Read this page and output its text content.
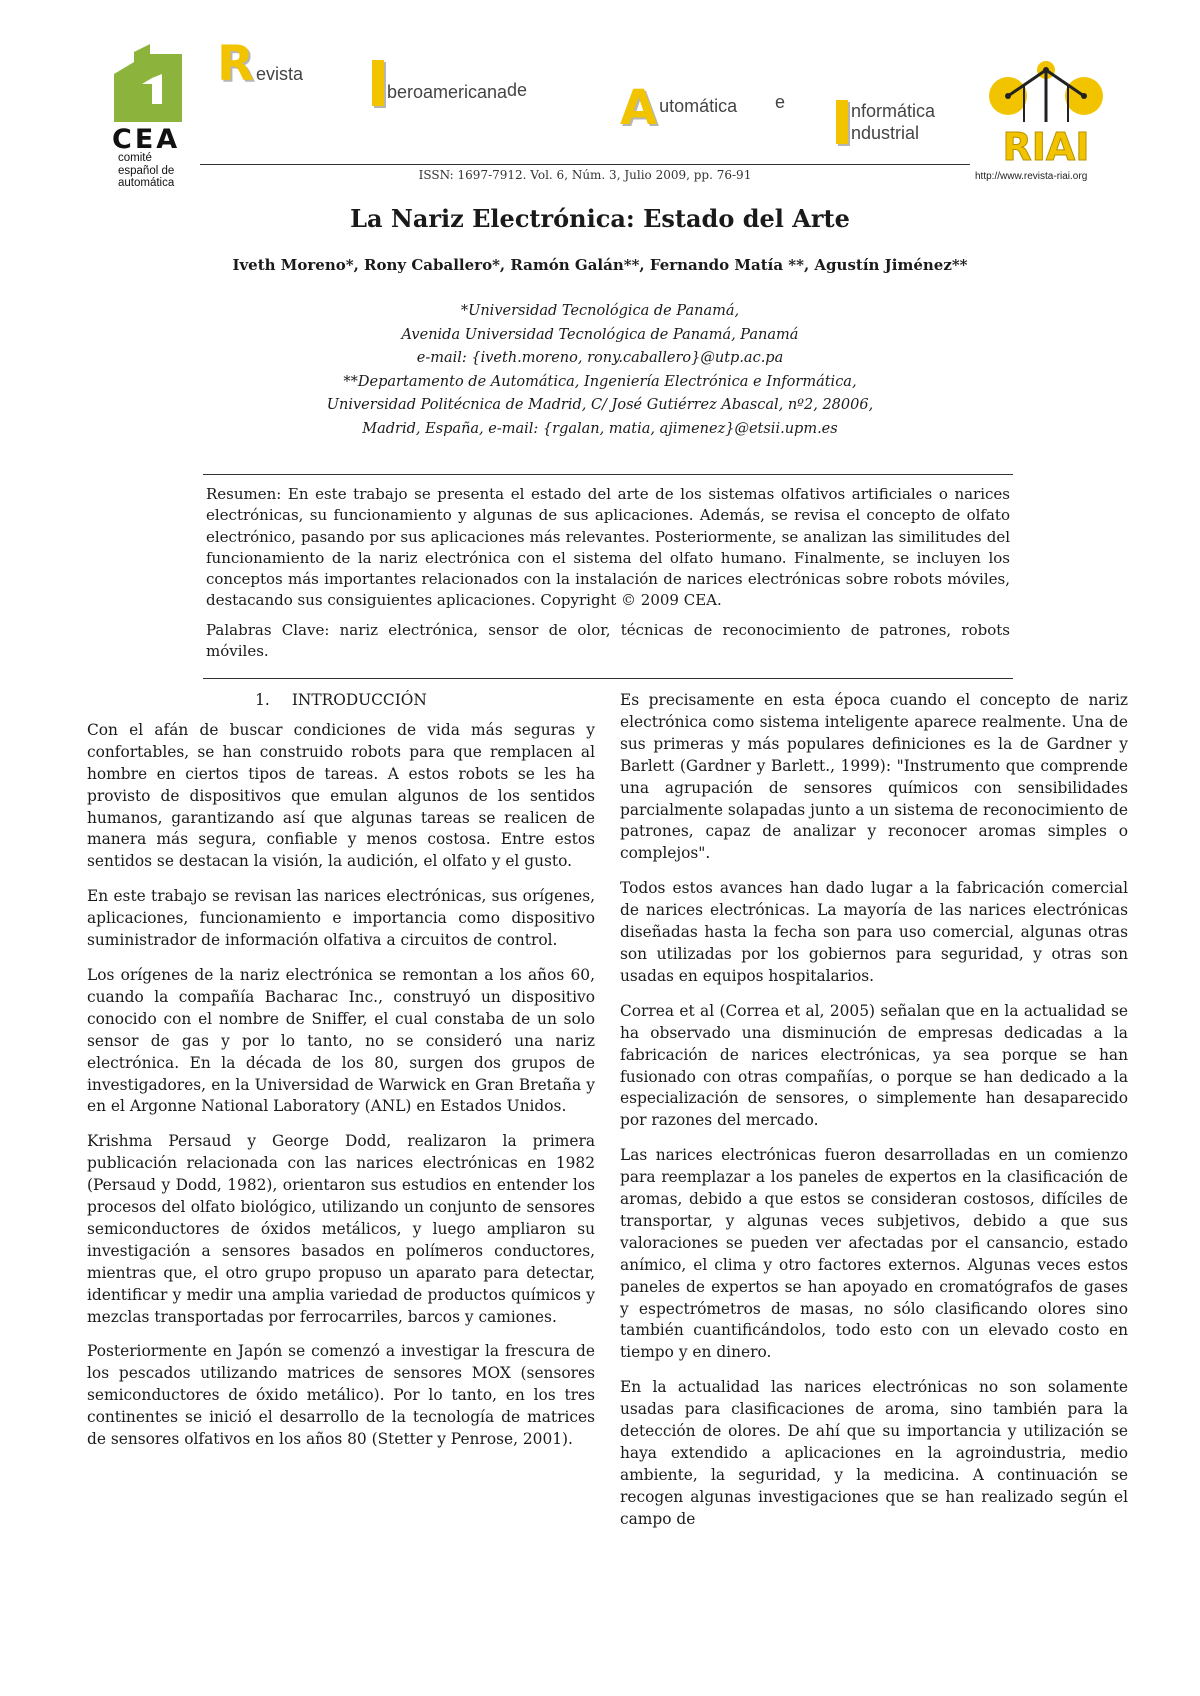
CEA
comité
español de
automática
R evista
beroamericana de A utomática e	nformática
ndustrial
ISSN: 1697-7912. Vol. 6, Núm. 3, Julio 2009, pp. 76-91
RIAI
http://www.revista-riai.org
La Nariz Electrónica: Estado del Arte
Iveth Moreno*, Rony Caballero*, Ramón Galán**, Fernando Matía **, Agustín Jiménez**
*Universidad Tecnológica de Panamá,
Avenida Universidad Tecnológica de Panamá, Panamá
e-mail: {iveth.moreno, rony.caballero}@utp.ac.pa
**Departamento de Automática, Ingeniería Electrónica e Informática,
Universidad Politécnica de Madrid, C/ José Gutiérrez Abascal, nº2, 28006,
Madrid, España, e-mail: {rgalan, matia, ajimenez}@etsii.upm.es

Resumen: En este trabajo se presenta el estado del arte de los sistemas olfativos artificiales o narices electrónicas, su funcionamiento y algunas de sus aplicaciones. Además, se revisa el concepto de olfato electrónico, pasando por sus aplicaciones más relevantes. Posteriormente, se analizan las similitudes del funcionamiento de la nariz electrónica con el sistema del olfato humano. Finalmente, se incluyen los conceptos más importantes relacionados con la instalación de narices electrónicas sobre robots móviles, destacando sus consiguientes aplicaciones. Copyright © 2009 CEA.

Palabras Clave: nariz electrónica, sensor de olor, técnicas de reconocimiento de patrones, robots móviles.

1. INTRODUCCIÓN

Con el afán de buscar condiciones de vida más seguras y confortables, se han construido robots para que remplacen al hombre en ciertos tipos de tareas. A estos robots se les ha provisto de dispositivos que emulan algunos de los sentidos humanos, garantizando así que algunas tareas se realicen de manera más segura, confiable y menos costosa. Entre estos sentidos se destacan la visión, la audición, el olfato y el gusto.

En este trabajo se revisan las narices electrónicas, sus orígenes, aplicaciones, funcionamiento e importancia como dispositivo suministrador de información olfativa a circuitos de control.

Los orígenes de la nariz electrónica se remontan a los años 60, cuando la compañía Bacharac Inc., construyó un dispositivo conocido con el nombre de Sniffer, el cual constaba de un solo sensor de gas y por lo tanto, no se consideró una nariz electrónica. En la década de los 80, surgen dos grupos de investigadores, en la Universidad de Warwick en Gran Bretaña y en el Argonne National Laboratory (ANL) en Estados Unidos.

Krishma Persaud y George Dodd, realizaron la primera publicación relacionada con las narices electrónicas en 1982 (Persaud y Dodd, 1982), orientaron sus estudios en entender los procesos del olfato biológico, utilizando un conjunto de sensores semiconductores de óxidos metálicos, y luego ampliaron su investigación a sensores basados en polímeros conductores, mientras que, el otro grupo propuso un aparato para detectar, identificar y medir una amplia variedad de productos químicos y mezclas transportadas por ferrocarriles, barcos y camiones.

Posteriormente en Japón se comenzó a investigar la frescura de los pescados utilizando matrices de sensores MOX (sensores semiconductores de óxido metálico). Por lo tanto, en los tres continentes se inició el desarrollo de la tecnología de matrices de sensores olfativos en los años 80 (Stetter y Penrose, 2001).

Es precisamente en esta época cuando el concepto de nariz electrónica como sistema inteligente aparece realmente. Una de sus primeras y más populares definiciones es la de Gardner y Barlett (Gardner y Barlett., 1999): "Instrumento que comprende una agrupación de sensores químicos con sensibilidades parcialmente solapadas junto a un sistema de reconocimiento de patrones, capaz de analizar y reconocer aromas simples o complejos".

Todos estos avances han dado lugar a la fabricación comercial de narices electrónicas. La mayoría de las narices electrónicas diseñadas hasta la fecha son para uso comercial, algunas otras son utilizadas por los gobiernos para seguridad, y otras son usadas en equipos hospitalarios.

Correa et al (Correa et al, 2005) señalan que en la actualidad se ha observado una disminución de empresas dedicadas a la fabricación de narices electrónicas, ya sea porque se han fusionado con otras compañías, o porque se han dedicado a la especialización de sensores, o simplemente han desaparecido por razones del mercado.

Las narices electrónicas fueron desarrolladas en un comienzo para reemplazar a los paneles de expertos en la clasificación de aromas, debido a que estos se consideran costosos, difíciles de transportar, y algunas veces subjetivos, debido a que sus valoraciones se pueden ver afectadas por el cansancio, estado anímico, el clima y otro factores externos. Algunas veces estos paneles de expertos se han apoyado en cromatógrafos de gases y espectrómetros de masas, no sólo clasificando olores sino también cuantificándolos, todo esto con un elevado costo en tiempo y en dinero.

En la actualidad las narices electrónicas no son solamente usadas para clasificaciones de aroma, sino también para la detección de olores. De ahí que su importancia y utilización se haya extendido a aplicaciones en la agroindustria, medio ambiente, la seguridad, y la medicina. A continuación se recogen algunas investigaciones que se han realizado según el campo de
